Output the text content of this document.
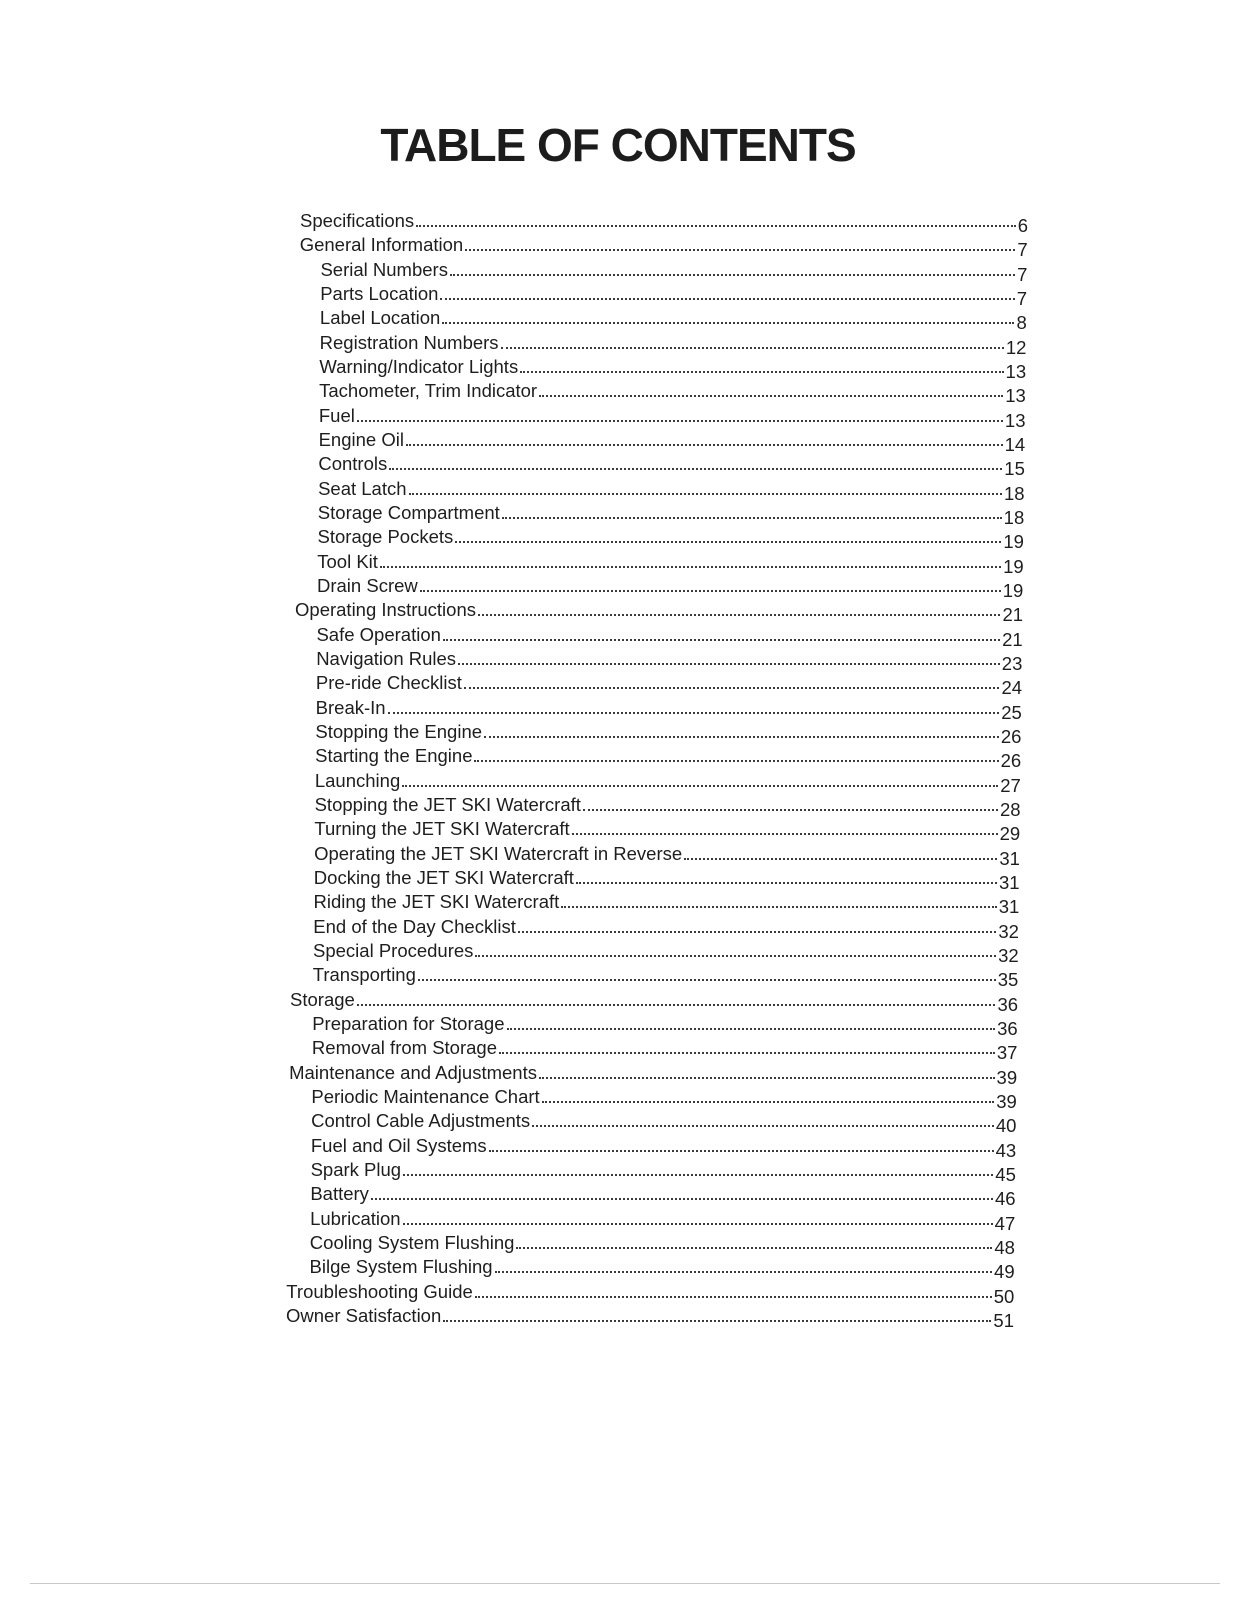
TABLE OF CONTENTS
Specifications	6
General Information	7
Serial Numbers	7
Parts Location	7
Label Location	8
Registration Numbers	12
Warning/Indicator Lights	13
Tachometer, Trim Indicator	13
Fuel	13
Engine Oil	14
Controls	15
Seat Latch	18
Storage Compartment	18
Storage Pockets	19
Tool Kit	19
Drain Screw	19
Operating Instructions	21
Safe Operation	21
Navigation Rules	23
Pre-ride Checklist	24
Break-In	25
Stopping the Engine	26
Starting the Engine	26
Launching	27
Stopping the JET SKI Watercraft	28
Turning the JET SKI Watercraft	29
Operating the JET SKI Watercraft in Reverse	31
Docking the JET SKI Watercraft	31
Riding the JET SKI Watercraft	31
End of the Day Checklist	32
Special Procedures	32
Transporting	35
Storage	36
Preparation for Storage	36
Removal from Storage	37
Maintenance and Adjustments	39
Periodic Maintenance Chart	39
Control Cable Adjustments	40
Fuel and Oil Systems	43
Spark Plug	45
Battery	46
Lubrication	47
Cooling System Flushing	48
Bilge System Flushing	49
Troubleshooting Guide	50
Owner Satisfaction	51
